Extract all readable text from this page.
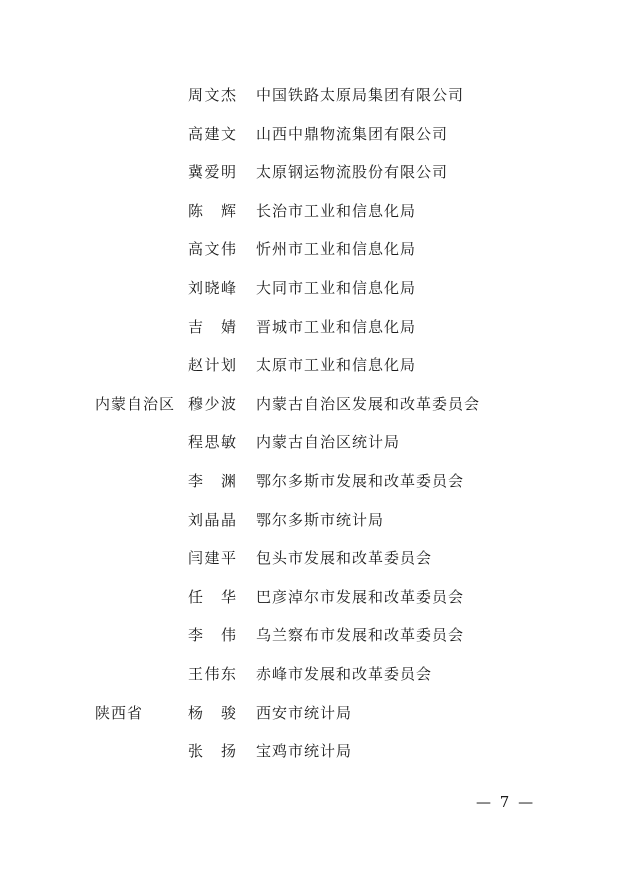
周 文 杰 中国铁路太原局集团有限公司
高 建 文 山西中鼎物流集团有限公司
冀 爱 明 太原钢运物流股份有限公司
陈 辉 长治市工业和信息化局
高 文 伟 忻州市工业和信息化局
刘 晓 峰 大同市工业和信息化局
吉 婧 晋城市工业和信息化局
赵 计 划 太原市工业和信息化局
内蒙自治区 穆 少 波 内蒙古自治区发展和改革委员会
程 思 敏 内蒙古自治区统计局
李 渊 鄂尔多斯市发展和改革委员会
刘 晶 晶 鄂尔多斯市统计局
闫 建 平 包头市发展和改革委员会
任 华 巴彦淖尔市发展和改革委员会
李 伟 乌兰察布市发展和改革委员会
王 伟 东 赤峰市发展和改革委员会
陕西省	杨 骏 西安市统计局
张 扬 宝鸡市统计局
— 7 —
